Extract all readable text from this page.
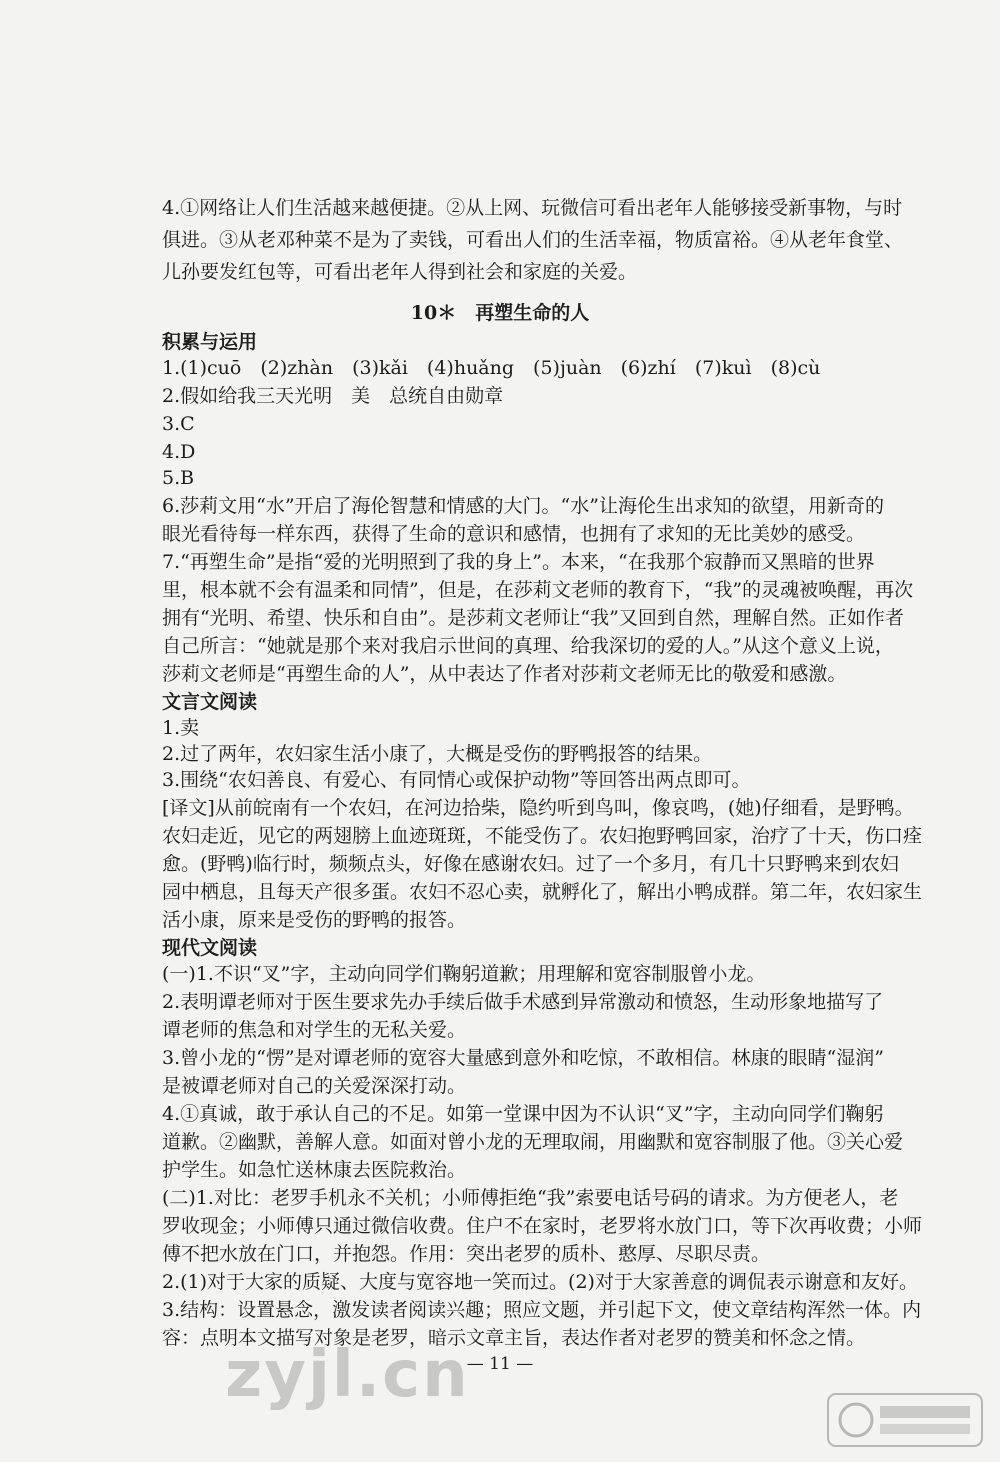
4.①网络让人们生活越来越便捷。②从上网、玩微信可看出老年人能够接受新事物，与时
俱进。③从老邓种菜不是为了卖钱，可看出人们的生活幸福，物质富裕。④从老年食堂、
儿孙要发红包等，可看出老年人得到社会和家庭的关爱。
10＊　再塑生命的人
积累与运用
1.(1)cuō　(2)zhàn　(3)kǎi　(4)huǎng　(5)juàn　(6)zhí　(7)kuì　(8)cù
2.假如给我三天光明　美　总统自由勋章
3.C
4.D
5.B
6.莎莉文用“水”开启了海伦智慧和情感的大门。“水”让海伦生出求知的欲望，用新奇的
眼光看待每一样东西，获得了生命的意识和感情，也拥有了求知的无比美妙的感受。
7.“再塑生命”是指“爱的光明照到了我的身上”。本来，“在我那个寂静而又黑暗的世界
里，根本就不会有温柔和同情”，但是，在莎莉文老师的教育下，“我”的灵魂被唤醒，再次
拥有“光明、希望、快乐和自由”。是莎莉文老师让“我”又回到自然，理解自然。正如作者
自己所言：“她就是那个来对我启示世间的真理、给我深切的爱的人。”从这个意义上说，
莎莉文老师是“再塑生命的人”，从中表达了作者对莎莉文老师无比的敬爱和感激。
文言文阅读
1.卖
2.过了两年，农妇家生活小康了，大概是受伤的野鸭报答的结果。
3.围绕“农妇善良、有爱心、有同情心或保护动物”等回答出两点即可。
[译文]从前皖南有一个农妇，在河边拾柴，隐约听到鸟叫，像哀鸣，(她)仔细看，是野鸭。
农妇走近，见它的两翅膀上血迹斑斑，不能受伤了。农妇抱野鸭回家，治疗了十天，伤口痊
愈。(野鸭)临行时，频频点头，好像在感谢农妇。过了一个多月，有几十只野鸭来到农妇
园中栖息，且每天产很多蛋。农妇不忍心卖，就孵化了，解出小鸭成群。第二年，农妇家生
活小康，原来是受伤的野鸭的报答。
现代文阅读
(一)1.不识“叉”字，主动向同学们鞠躬道歉；用理解和宽容制服曾小龙。
2.表明谭老师对于医生要求先办手续后做手术感到异常激动和愤怒，生动形象地描写了
谭老师的焦急和对学生的无私关爱。
3.曾小龙的“愣”是对谭老师的宽容大量感到意外和吃惊，不敢相信。林康的眼睛“湿润”
是被谭老师对自己的关爱深深打动。
4.①真诚，敢于承认自己的不足。如第一堂课中因为不认识“叉”字，主动向同学们鞠躬
道歉。②幽默，善解人意。如面对曾小龙的无理取闹，用幽默和宽容制服了他。③关心爱
护学生。如急忙送林康去医院救治。
(二)1.对比：老罗手机永不关机；小师傅拒绝“我”索要电话号码的请求。为方便老人，老
罗收现金；小师傅只通过微信收费。住户不在家时，老罗将水放门口，等下次再收费；小师
傅不把水放在门口，并抱怨。作用：突出老罗的质朴、憨厚、尽职尽责。
2.(1)对于大家的质疑、大度与宽容地一笑而过。(2)对于大家善意的调侃表示谢意和友好。
3.结构：设置悬念，激发读者阅读兴趣；照应文题，并引起下文，使文章结构浑然一体。内
容：点明本文描写对象是老罗，暗示文章主旨，表达作者对老罗的赞美和怀念之情。
— 11 —
zyjl.cn
